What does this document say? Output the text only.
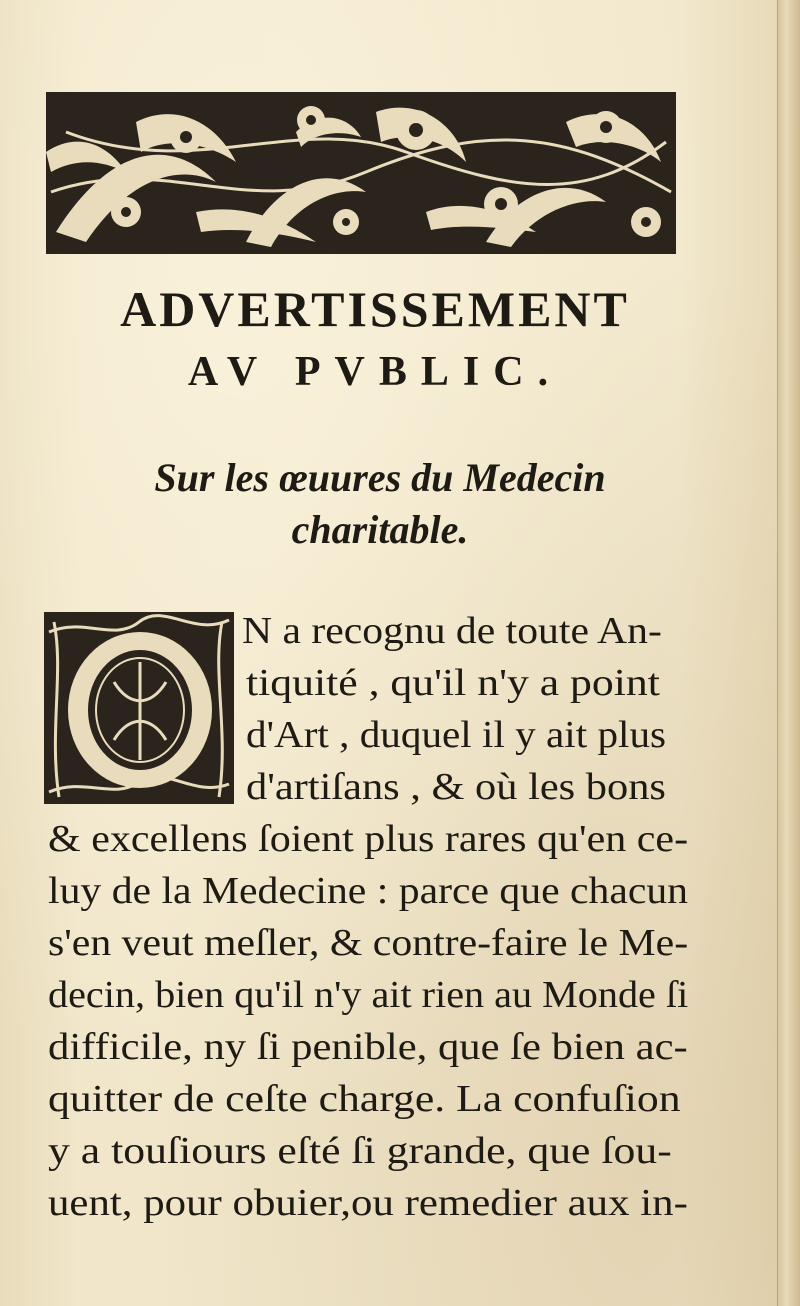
ADVERTISSEMENT
AV PVBLIC.
Sur les œuures du Medecin
charitable.
O

N a recognu de toute An-

tiquité , qu'il n'y a point

d'Art , duquel il y ait plus

d'artiſans , & où les bons

& excellens ſoient plus rares qu'en ce-

luy de la Medecine : parce que chacun

s'en veut meſler, & contre-faire le Me-

decin, bien qu'il n'y ait rien au Monde ſi

difficile, ny ſi penible, que ſe bien ac-

quitter de ceſte charge. La confuſion

y a touſiours eſté ſi grande, que ſou-

uent, pour obuier,ou remedier aux in-
